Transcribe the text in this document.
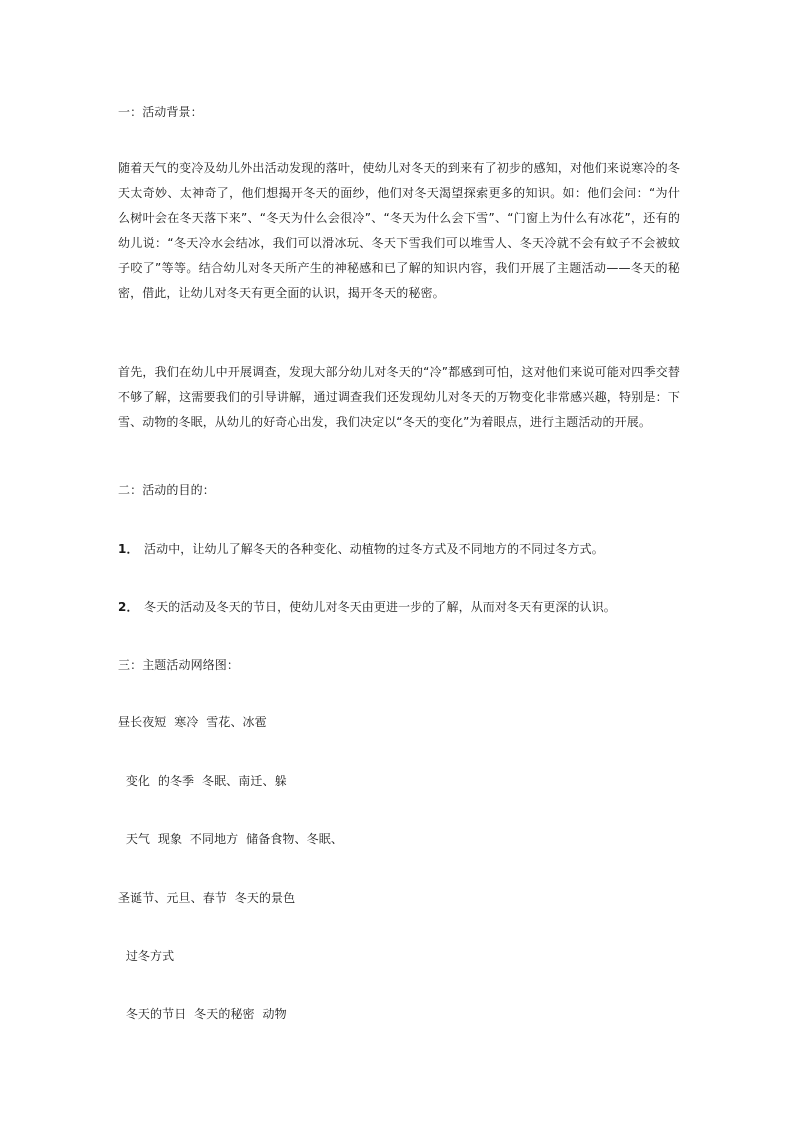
一：活动背景：
随着天气的变冷及幼儿外出活动发现的落叶，使幼儿对冬天的到来有了初步的感知，对他们来说寒冷的冬天太奇妙、太神奇了，他们想揭开冬天的面纱，他们对冬天渴望探索更多的知识。如：他们会问：“为什么树叶会在冬天落下来”、“冬天为什么会很冷”、“冬天为什么会下雪”、“门窗上为什么有冰花”，还有的幼儿说：“冬天冷水会结冰，我们可以滑冰玩、冬天下雪我们可以堆雪人、冬天冷就不会有蚊子不会被蚊子咬了”等等。结合幼儿对冬天所产生的神秘感和已了解的知识内容，我们开展了主题活动——冬天的秘密，借此，让幼儿对冬天有更全面的认识，揭开冬天的秘密。
首先，我们在幼儿中开展调查，发现大部分幼儿对冬天的“冷”都感到可怕，这对他们来说可能对四季交替不够了解，这需要我们的引导讲解，通过调查我们还发现幼儿对冬天的万物变化非常感兴趣，特别是：下雪、动物的冬眠，从幼儿的好奇心出发，我们决定以“冬天的变化”为着眼点，进行主题活动的开展。
二：活动的目的：
1． 活动中，让幼儿了解冬天的各种变化、动植物的过冬方式及不同地方的不同过冬方式。
2． 冬天的活动及冬天的节日，使幼儿对冬天由更进一步的了解，从而对冬天有更深的认识。
三：主题活动网络图：
昼长夜短  寒冷  雪花、冰雹
变化  的冬季  冬眠、南迁、躲
天气  现象  不同地方  储备食物、冬眠、
圣诞节、元旦、春节  冬天的景色
过冬方式
冬天的节日  冬天的秘密  动物
